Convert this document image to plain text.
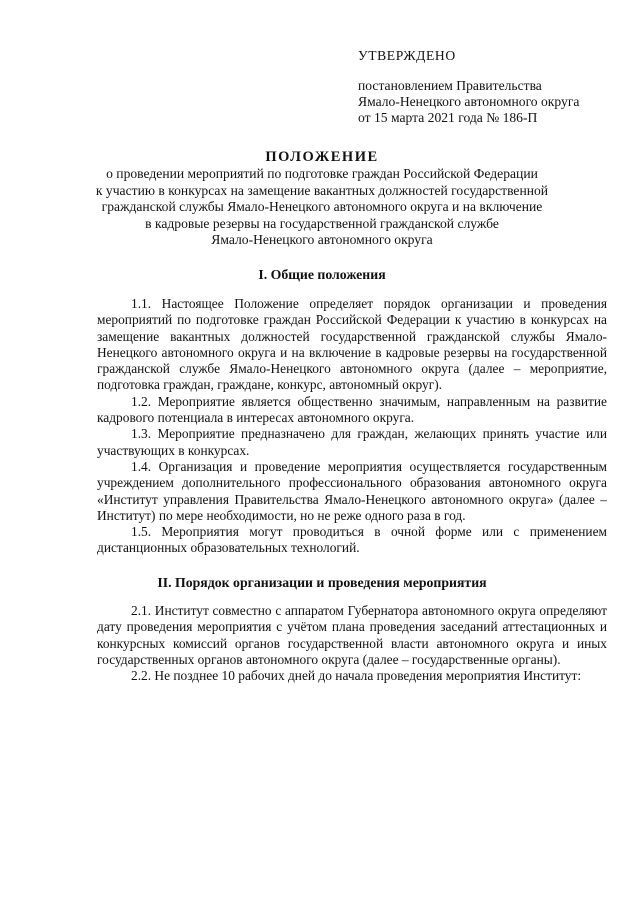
УТВЕРЖДЕНО
постановлением Правительства
Ямало-Ненецкого автономного округа
от 15 марта 2021 года № 186-П
ПОЛОЖЕНИЕ
о проведении мероприятий по подготовке граждан Российской Федерации
к участию в конкурсах на замещение вакантных должностей государственной
гражданской службы Ямало-Ненецкого автономного округа и на включение
в кадровые резервы на государственной гражданской службе
Ямало-Ненецкого автономного округа
I. Общие положения

1.1. Настоящее Положение определяет порядок организации и проведения мероприятий по подготовке граждан Российской Федерации к участию в конкурсах на замещение вакантных должностей государственной гражданской службы Ямало-Ненецкого автономного округа и на включение в кадровые резервы на государственной гражданской службе Ямало-Ненецкого автономного округа (далее – мероприятие, подготовка граждан, граждане, конкурс, автономный округ).

1.2. Мероприятие является общественно значимым, направленным на развитие кадрового потенциала в интересах автономного округа.

1.3. Мероприятие предназначено для граждан, желающих принять участие или участвующих в конкурсах.

1.4. Организация и проведение мероприятия осуществляется государственным учреждением дополнительного профессионального образования автономного округа «Институт управления Правительства Ямало-Ненецкого автономного округа» (далее – Институт) по мере необходимости, но не реже одного раза в год.

1.5. Мероприятия могут проводиться в очной форме или с применением дистанционных образовательных технологий.

II. Порядок организации и проведения мероприятия

2.1. Институт совместно с аппаратом Губернатора автономного округа определяют дату проведения мероприятия с учётом плана проведения заседаний аттестационных и конкурсных комиссий органов государственной власти автономного округа и иных государственных органов автономного округа (далее – государственные органы).

2.2. Не позднее 10 рабочих дней до начала проведения мероприятия Институт:
